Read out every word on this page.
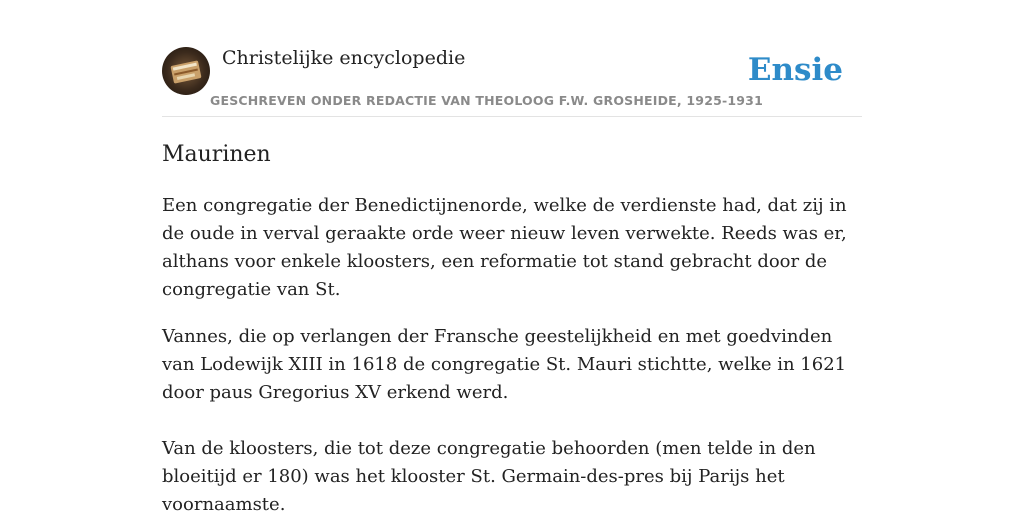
Christelijke encyclopedie
GESCHREVEN ONDER REDACTIE VAN THEOLOOG F.W. GROSHEIDE, 1925-1931
Ensie
Maurinen

Een congregatie der Benedictijnenorde, welke de verdienste had, dat zij in de oude in verval geraakte orde weer nieuw leven verwekte. Reeds was er, althans voor enkele kloosters, een reformatie tot stand gebracht door de congregatie van St.

Vannes, die op verlangen der Fransche geestelijkheid en met goedvinden van Lodewijk XIII in 1618 de congregatie St. Mauri stichtte, welke in 1621 door paus Gregorius XV erkend werd.

Van de kloosters, die tot deze congregatie behoorden (men telde in den bloeitijd er 180) was het klooster St. Germain-des-pres bij Parijs het voornaamste.
